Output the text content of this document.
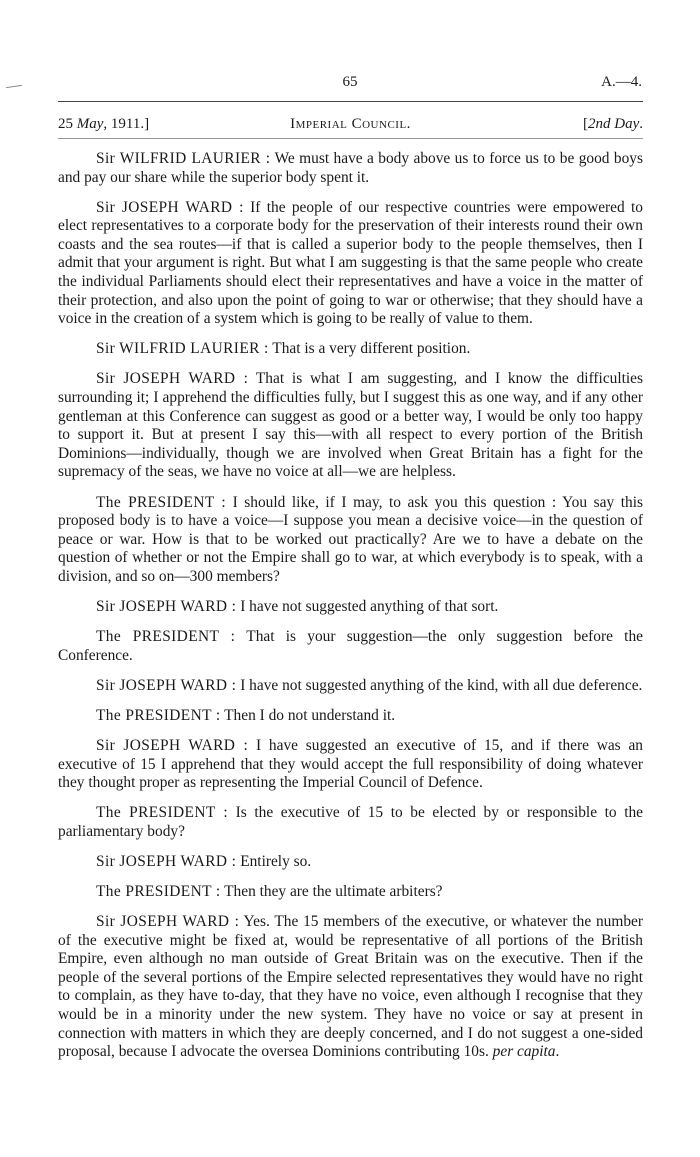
65	A.—4.
25 May, 1911.]	Imperial Council.	[2nd Day.

Sir WILFRID LAURIER : We must have a body above us to force us to be good boys and pay our share while the superior body spent it.

Sir JOSEPH WARD : If the people of our respective countries were empowered to elect representatives to a corporate body for the preservation of their interests round their own coasts and the sea routes—if that is called a superior body to the people themselves, then I admit that your argument is right. But what I am suggesting is that the same people who create the individual Parliaments should elect their representatives and have a voice in the matter of their protection, and also upon the point of going to war or otherwise; that they should have a voice in the creation of a system which is going to be really of value to them.

Sir WILFRID LAURIER : That is a very different position.

Sir JOSEPH WARD : That is what I am suggesting, and I know the difficulties surrounding it; I apprehend the difficulties fully, but I suggest this as one way, and if any other gentleman at this Conference can suggest as good or a better way, I would be only too happy to support it. But at present I say this—with all respect to every portion of the British Dominions—individually, though we are involved when Great Britain has a fight for the supremacy of the seas, we have no voice at all—we are helpless.

The PRESIDENT : I should like, if I may, to ask you this question : You say this proposed body is to have a voice—I suppose you mean a decisive voice—in the question of peace or war. How is that to be worked out practically? Are we to have a debate on the question of whether or not the Empire shall go to war, at which everybody is to speak, with a division, and so on—300 members?

Sir JOSEPH WARD : I have not suggested anything of that sort.

The PRESIDENT : That is your suggestion—the only suggestion before the Conference.

Sir JOSEPH WARD : I have not suggested anything of the kind, with all due deference.

The PRESIDENT : Then I do not understand it.

Sir JOSEPH WARD : I have suggested an executive of 15, and if there was an executive of 15 I apprehend that they would accept the full responsibility of doing whatever they thought proper as representing the Imperial Council of Defence.

The PRESIDENT : Is the executive of 15 to be elected by or responsible to the parliamentary body?

Sir JOSEPH WARD : Entirely so.

The PRESIDENT : Then they are the ultimate arbiters?

Sir JOSEPH WARD : Yes. The 15 members of the executive, or whatever the number of the executive might be fixed at, would be representative of all portions of the British Empire, even although no man outside of Great Britain was on the executive. Then if the people of the several portions of the Empire selected representatives they would have no right to complain, as they have to-day, that they have no voice, even although I recognise that they would be in a minority under the new system. They have no voice or say at present in connection with matters in which they are deeply concerned, and I do not suggest a one-sided proposal, because I advocate the oversea Dominions contributing 10s. per capita.
